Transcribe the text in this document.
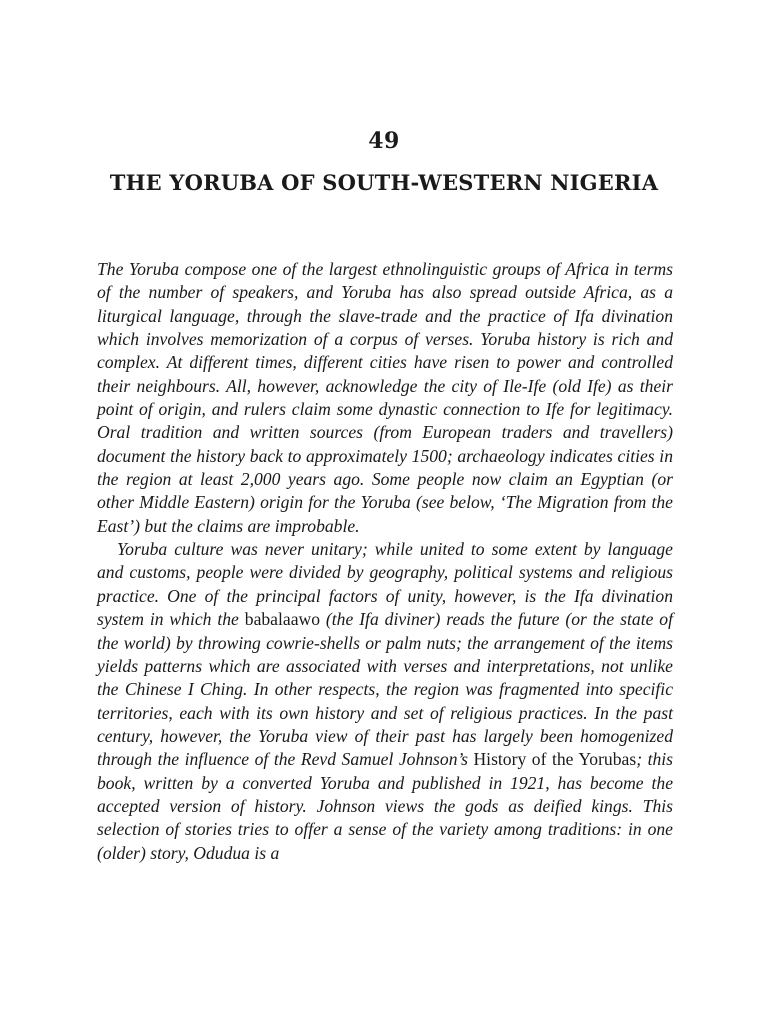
49
THE YORUBA OF SOUTH-WESTERN NIGERIA

The Yoruba compose one of the largest ethnolinguistic groups of Africa in terms of the number of speakers, and Yoruba has also spread outside Africa, as a liturgical language, through the slave-trade and the practice of Ifa divination which involves memorization of a corpus of verses. Yoruba history is rich and complex. At different times, different cities have risen to power and controlled their neighbours. All, however, acknowledge the city of Ile-Ife (old Ife) as their point of origin, and rulers claim some dynastic connection to Ife for legitimacy. Oral tradition and written sources (from European traders and travellers) document the history back to approximately 1500; archaeology indicates cities in the region at least 2,000 years ago. Some people now claim an Egyptian (or other Middle Eastern) origin for the Yoruba (see below, ‘The Migration from the East’) but the claims are improbable.

Yoruba culture was never unitary; while united to some extent by language and customs, people were divided by geography, political systems and religious practice. One of the principal factors of unity, however, is the Ifa divination system in which the babalaawo (the Ifa diviner) reads the future (or the state of the world) by throwing cowrie-shells or palm nuts; the arrangement of the items yields patterns which are associated with verses and interpretations, not unlike the Chinese I Ching. In other respects, the region was fragmented into specific territories, each with its own history and set of religious practices. In the past century, however, the Yoruba view of their past has largely been homogenized through the influence of the Revd Samuel Johnson’s History of the Yorubas; this book, written by a converted Yoruba and published in 1921, has become the accepted version of history. Johnson views the gods as deified kings. This selection of stories tries to offer a sense of the variety among traditions: in one (older) story, Odudua is a
